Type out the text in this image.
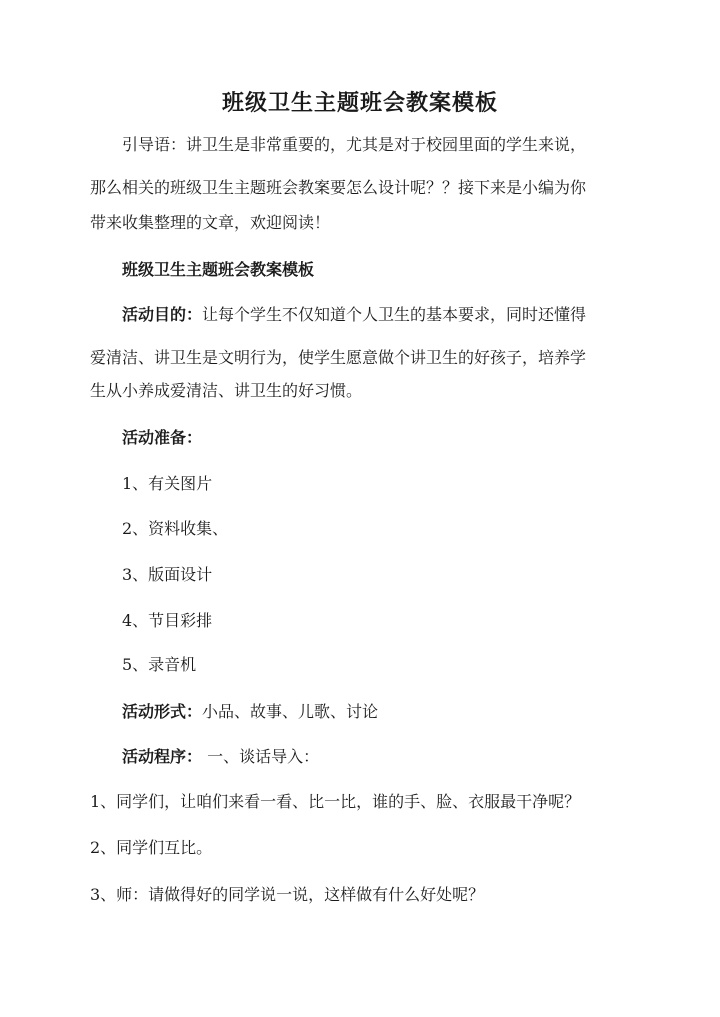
班级卫生主题班会教案模板
引导语：讲卫生是非常重要的，尤其是对于校园里面的学生来说，
那么相关的班级卫生主题班会教案要怎么设计呢？？接下来是小编为你
带来收集整理的文章，欢迎阅读！
班级卫生主题班会教案模板
活动目的：让每个学生不仅知道个人卫生的基本要求，同时还懂得
爱清洁、讲卫生是文明行为，使学生愿意做个讲卫生的好孩子，培养学
生从小养成爱清洁、讲卫生的好习惯。
活动准备：
1、有关图片
2、资料收集、
3、版面设计
4、节目彩排
5、录音机
活动形式：小品、故事、儿歌、讨论
活动程序： 一、谈话导入：
1、同学们，让咱们来看一看、比一比，谁的手、脸、衣服最干净呢？
2、同学们互比。
3、师：请做得好的同学说一说，这样做有什么好处呢？
